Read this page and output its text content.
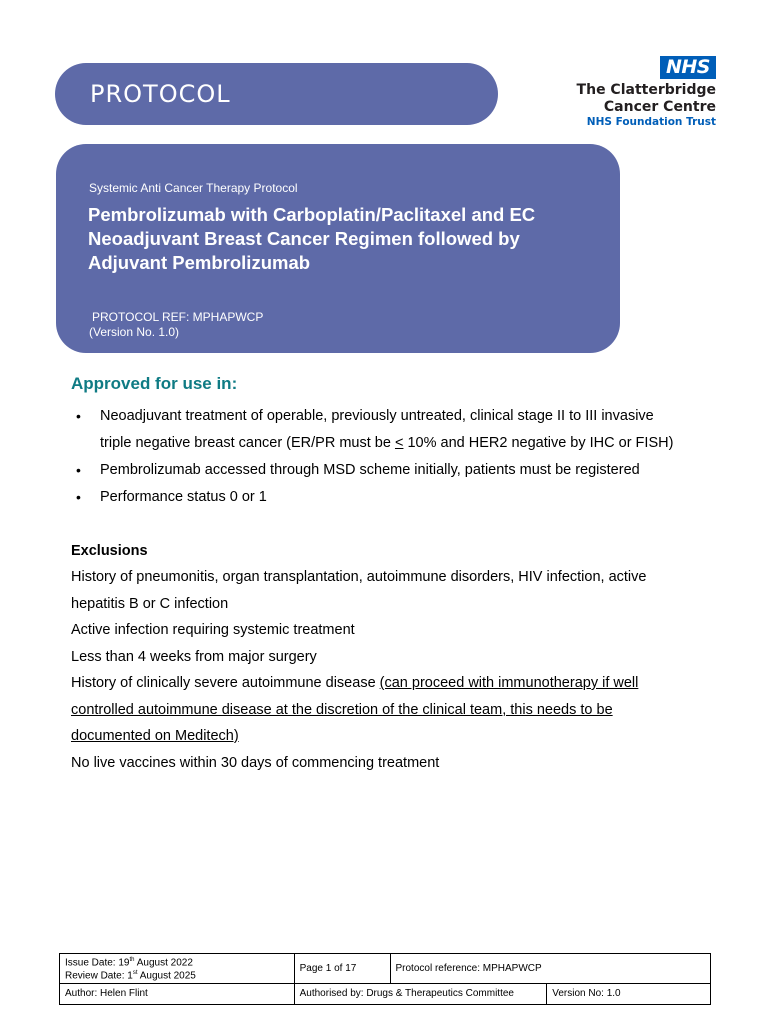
PROTOCOL
NHS
The Clatterbridge
Cancer Centre
NHS Foundation Trust
Systemic Anti Cancer Therapy Protocol
Pembrolizumab with Carboplatin/Paclitaxel and EC
Neoadjuvant Breast Cancer Regimen followed by
Adjuvant Pembrolizumab
PROTOCOL REF: MPHAPWCP
(Version No. 1.0)
Approved for use in:
• Neoadjuvant treatment of operable, previously untreated, clinical stage II to III invasive
triple negative breast cancer (ER/PR must be ≤ 10% and HER2 negative by IHC or FISH)
• Pembrolizumab accessed through MSD scheme initially, patients must be registered
• Performance status 0 or 1
Exclusions
History of pneumonitis, organ transplantation, autoimmune disorders, HIV infection, active
hepatitis B or C infection
Active infection requiring systemic treatment
Less than 4 weeks from major surgery
History of clinically severe autoimmune disease (can proceed with immunotherapy if well
controlled autoimmune disease at the discretion of the clinical team, this needs to be
documented on Meditech)
No live vaccines within 30 days of commencing treatment
Issue Date: 19th August 2022
Review Date: 1st August 2025	Page 1 of 17	Protocol reference: MPHAPWCP	
Author: Helen Flint	Authorised by: Drugs & Therapeutics Committee		Version No: 1.0
